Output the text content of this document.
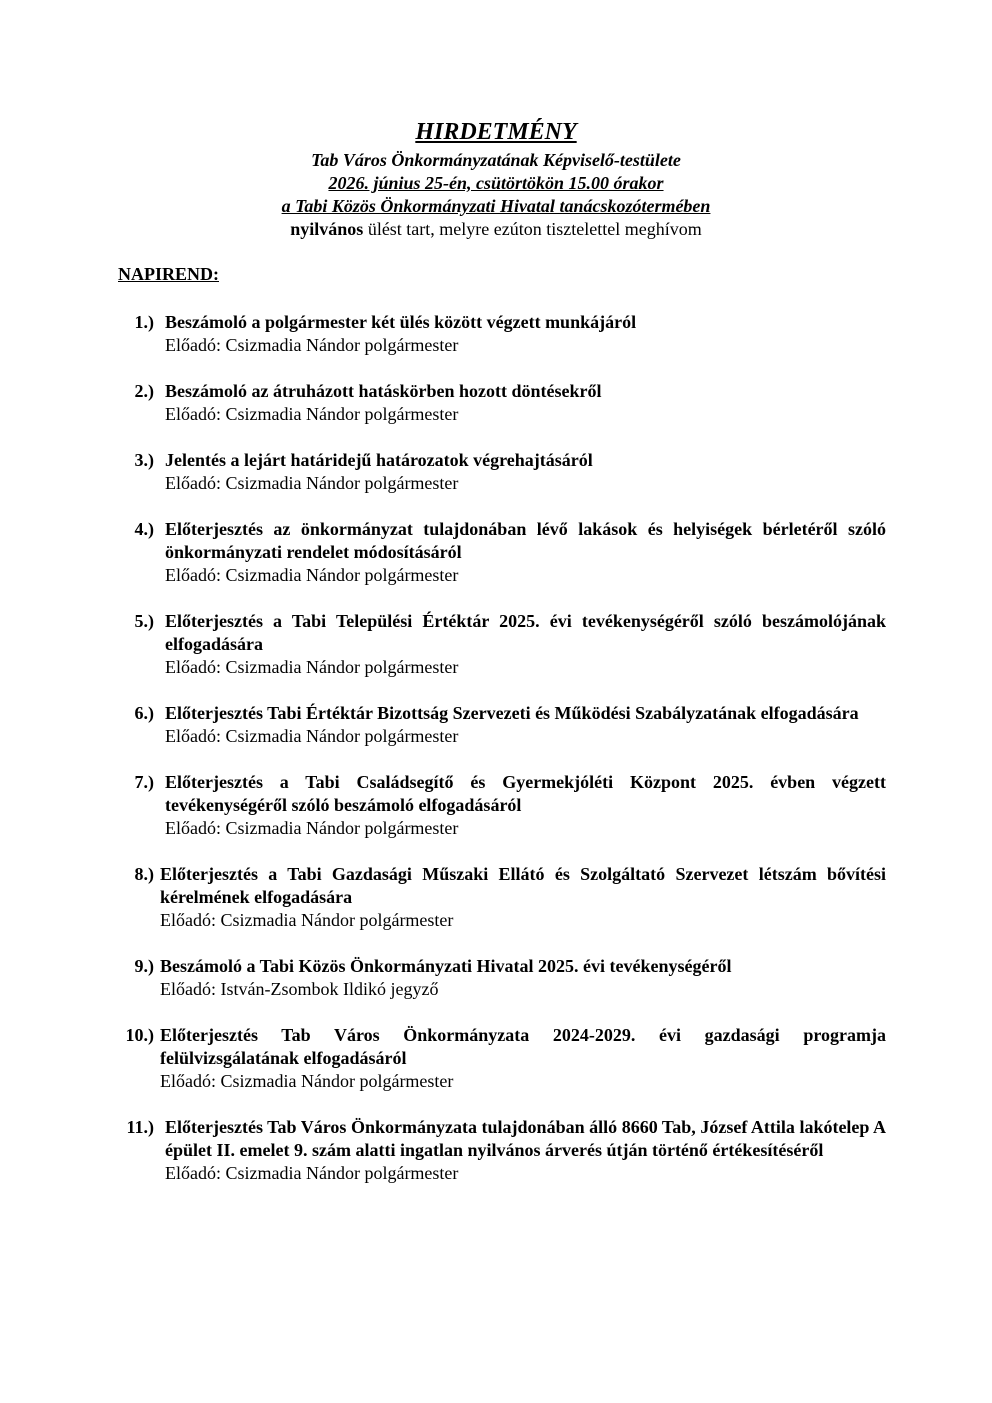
HIRDETMÉNY
Tab Város Önkormányzatának Képviselő-testülete
2026. június 25-én, csütörtökön 15.00 órakor
a Tabi Közös Önkormányzati Hivatal tanácskozótermében
nyilvános ülést tart, melyre ezúton tisztelettel meghívom
NAPIREND:
1.) Beszámoló a polgármester két ülés között végzett munkájáról
Előadó: Csizmadia Nándor polgármester
2.) Beszámoló az átruházott hatáskörben hozott döntésekről
Előadó: Csizmadia Nándor polgármester
3.) Jelentés a lejárt határidejű határozatok végrehajtásáról
Előadó: Csizmadia Nándor polgármester
4.) Előterjesztés az önkormányzat tulajdonában lévő lakások és helyiségek bérletéről szóló önkormányzati rendelet módosításáról
Előadó: Csizmadia Nándor polgármester
5.) Előterjesztés a Tabi Települési Értéktár 2025. évi tevékenységéről szóló beszámolójának elfogadására
Előadó: Csizmadia Nándor polgármester
6.) Előterjesztés Tabi Értéktár Bizottság Szervezeti és Működési Szabályzatának elfogadására
Előadó: Csizmadia Nándor polgármester
7.) Előterjesztés a Tabi Családsegítő és Gyermekjóléti Központ 2025. évben végzett tevékenységéről szóló beszámoló elfogadásáról
Előadó: Csizmadia Nándor polgármester
8.) Előterjesztés a Tabi Gazdasági Műszaki Ellátó és Szolgáltató Szervezet létszám bővítési kérelmének elfogadására
Előadó: Csizmadia Nándor polgármester
9.) Beszámoló a Tabi Közös Önkormányzati Hivatal 2025. évi tevékenységéről
Előadó: István-Zsombok Ildikó jegyző
10.) Előterjesztés Tab Város Önkormányzata 2024-2029. évi gazdasági programja felülvizsgálatának elfogadásáról
Előadó: Csizmadia Nándor polgármester
11.) Előterjesztés Tab Város Önkormányzata tulajdonában álló 8660 Tab, József Attila lakótelep A épület II. emelet 9. szám alatti ingatlan nyilvános árverés útján történő értékesítéséről
Előadó: Csizmadia Nándor polgármester
